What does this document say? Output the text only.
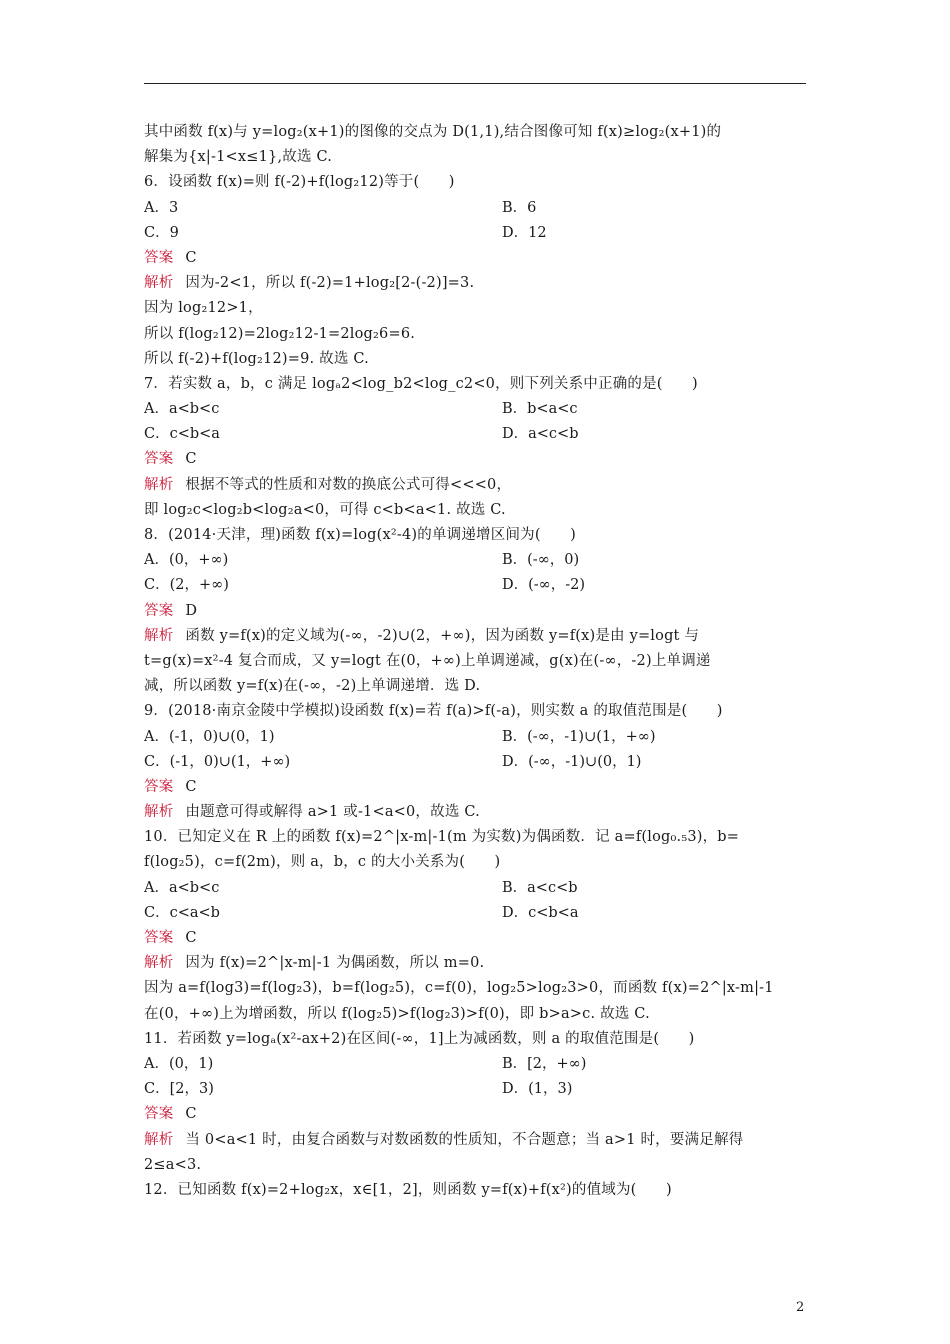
其中函数 f(x)与 y=log₂(x+1)的图像的交点为 D(1,1),结合图像可知 f(x)≥log₂(x+1)的
解集为{x|-1<x≤1},故选 C.
6．设函数 f(x)=则 f(-2)+f(log₂12)等于(　　)
A．3	B．6
C．9	D．12
答案 C
解析 因为-2<1，所以 f(-2)=1+log₂[2-(-2)]=3.
因为 log₂12>1，
所以 f(log₂12)=2log₂12-1=2log₂6=6.
所以 f(-2)+f(log₂12)=9. 故选 C.
7．若实数 a，b，c 满足 logₐ2<log_b2<log_c2<0，则下列关系中正确的是(　　)
A．a<b<c	B．b<a<c
C．c<b<a	D．a<c<b
答案 C
解析 根据不等式的性质和对数的换底公式可得<<<0，
即 log₂c<log₂b<log₂a<0，可得 c<b<a<1. 故选 C.
8．(2014·天津，理)函数 f(x)=log(x²-4)的单调递增区间为(　　)
A．(0，+∞)	B．(-∞，0)
C．(2，+∞)	D．(-∞，-2)
答案 D
解析 函数 y=f(x)的定义域为(-∞，-2)∪(2，+∞)，因为函数 y=f(x)是由 y=logt 与
t=g(x)=x²-4 复合而成，又 y=logt 在(0，+∞)上单调递减，g(x)在(-∞，-2)上单调递
减，所以函数 y=f(x)在(-∞，-2)上单调递增．选 D.
9．(2018·南京金陵中学模拟)设函数 f(x)=若 f(a)>f(-a)，则实数 a 的取值范围是(　　)
A．(-1，0)∪(0，1)	B．(-∞，-1)∪(1，+∞)
C．(-1，0)∪(1，+∞)	D．(-∞，-1)∪(0，1)
答案 C
解析 由题意可得或解得 a>1 或-1<a<0，故选 C.
10．已知定义在 R 上的函数 f(x)=2^|x-m|-1(m 为实数)为偶函数．记 a=f(log₀.₅3)，b=
f(log₂5)，c=f(2m)，则 a，b，c 的大小关系为(　　)
A．a<b<c	B．a<c<b
C．c<a<b	D．c<b<a
答案 C
解析 因为 f(x)=2^|x-m|-1 为偶函数，所以 m=0.
因为 a=f(log3)=f(log₂3)，b=f(log₂5)，c=f(0)，log₂5>log₂3>0，而函数 f(x)=2^|x-m|-1
在(0，+∞)上为增函数，所以 f(log₂5)>f(log₂3)>f(0)，即 b>a>c. 故选 C.
11．若函数 y=logₐ(x²-ax+2)在区间(-∞，1]上为减函数，则 a 的取值范围是(　　)
A．(0，1)	B．[2，+∞)
C．[2，3)	D．(1，3)
答案 C
解析 当 0<a<1 时，由复合函数与对数函数的性质知，不合题意；当 a>1 时，要满足解得
2≤a<3.
12．已知函数 f(x)=2+log₂x，x∈[1，2]，则函数 y=f(x)+f(x²)的值域为(　　)
2
